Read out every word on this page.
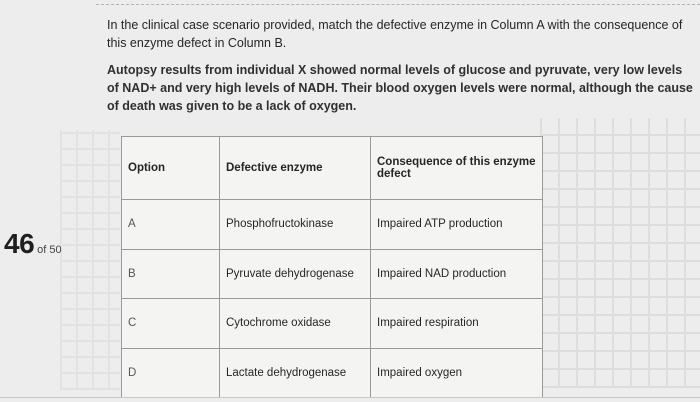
46 of 50

In the clinical case scenario provided, match the defective enzyme in Column A with the consequence of this enzyme defect in Column B.

Autopsy results from individual X showed normal levels of glucose and pyruvate, very low levels of NAD+ and very high levels of NADH. Their blood oxygen levels were normal, although the cause of death was given to be a lack of oxygen.

Option	Defective enzyme	Consequence of this enzyme defect
A	Phosphofructokinase	Impaired ATP production
B	Pyruvate dehydrogenase	Impaired NAD production
C	Cytochrome oxidase	Impaired respiration
D	Lactate dehydrogenase	Impaired oxygen
